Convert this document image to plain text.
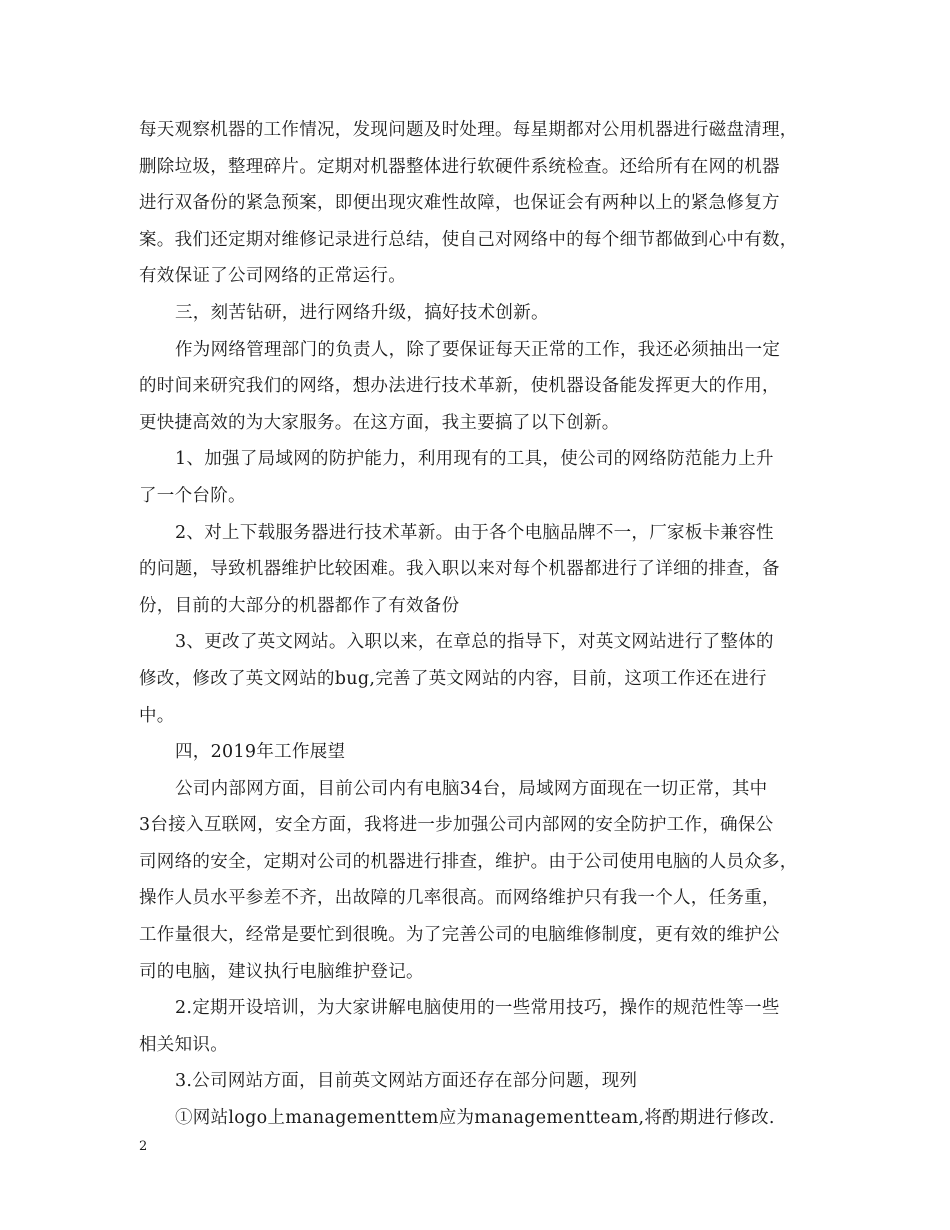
每天观察机器的工作情况，发现问题及时处理。每星期都对公用机器进行磁盘清理，
删除垃圾，整理碎片。定期对机器整体进行软硬件系统检查。还给所有在网的机器
进行双备份的紧急预案，即便出现灾难性故障，也保证会有两种以上的紧急修复方
案。我们还定期对维修记录进行总结，使自己对网络中的每个细节都做到心中有数，
有效保证了公司网络的正常运行。
三，刻苦钻研，进行网络升级，搞好技术创新。
作为网络管理部门的负责人，除了要保证每天正常的工作，我还必须抽出一定
的时间来研究我们的网络，想办法进行技术革新，使机器设备能发挥更大的作用，
更快捷高效的为大家服务。在这方面，我主要搞了以下创新。
1、加强了局域网的防护能力，利用现有的工具，使公司的网络防范能力上升
了一个台阶。
2、对上下载服务器进行技术革新。由于各个电脑品牌不一，厂家板卡兼容性
的问题，导致机器维护比较困难。我入职以来对每个机器都进行了详细的排查，备
份，目前的大部分的机器都作了有效备份
3、更改了英文网站。入职以来，在章总的指导下，对英文网站进行了整体的
修改，修改了英文网站的bug,完善了英文网站的内容，目前，这项工作还在进行
中。
四，2019年工作展望
公司内部网方面，目前公司内有电脑34台，局域网方面现在一切正常，其中
3台接入互联网，安全方面，我将进一步加强公司内部网的安全防护工作，确保公
司网络的安全，定期对公司的机器进行排查，维护。由于公司使用电脑的人员众多，
操作人员水平参差不齐，出故障的几率很高。而网络维护只有我一个人，任务重，
工作量很大，经常是要忙到很晚。为了完善公司的电脑维修制度，更有效的维护公
司的电脑，建议执行电脑维护登记。
2.定期开设培训，为大家讲解电脑使用的一些常用技巧，操作的规范性等一些
相关知识。
3.公司网站方面，目前英文网站方面还存在部分问题，现列
①网站logo上managementtem应为managementteam,将酌期进行修改.
2
